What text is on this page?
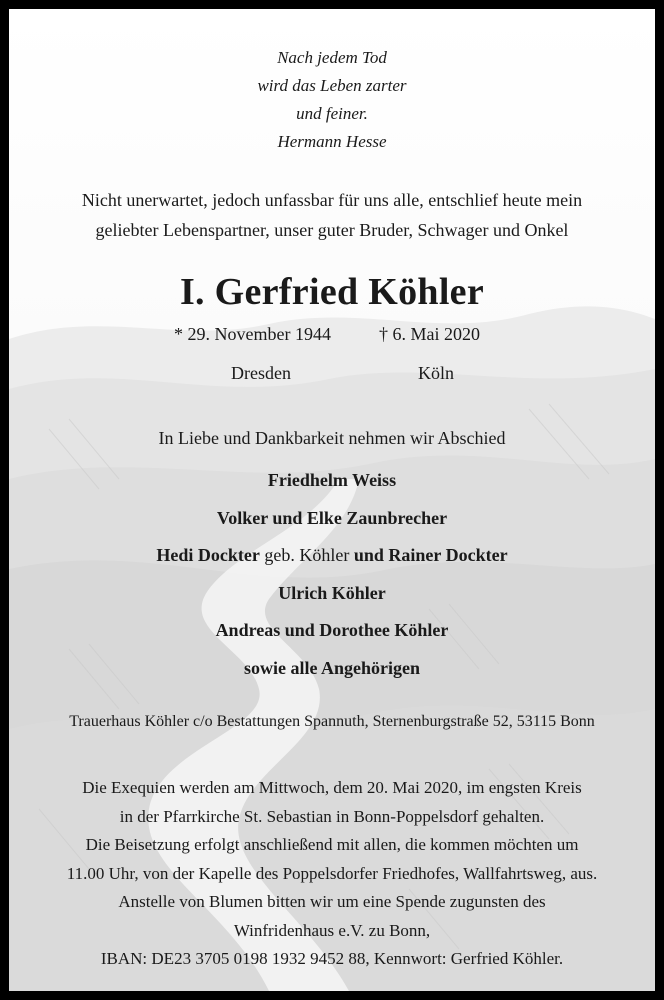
Nach jedem Tod
wird das Leben zarter
und feiner.
Hermann Hesse
Nicht unerwartet, jedoch unfassbar für uns alle, entschlief heute mein
geliebter Lebenspartner, unser guter Bruder, Schwager und Onkel
I. Gerfried Köhler
* 29. November 1944	† 6. Mai 2020
Dresden	Köln
In Liebe und Dankbarkeit nehmen wir Abschied
Friedhelm Weiss
Volker und Elke Zaunbrecher
Hedi Dockter geb. Köhler und Rainer Dockter
Ulrich Köhler
Andreas und Dorothee Köhler
sowie alle Angehörigen
Trauerhaus Köhler c/o Bestattungen Spannuth, Sternenburgstraße 52, 53115 Bonn
Die Exequien werden am Mittwoch, dem 20. Mai 2020, im engsten Kreis
in der Pfarrkirche St. Sebastian in Bonn-Poppelsdorf gehalten.
Die Beisetzung erfolgt anschließend mit allen, die kommen möchten um
11.00 Uhr, von der Kapelle des Poppelsdorfer Friedhofes, Wallfahrtsweg, aus.
Anstelle von Blumen bitten wir um eine Spende zugunsten des
Winfridenhaus e.V. zu Bonn,
IBAN: DE23 3705 0198 1932 9452 88, Kennwort: Gerfried Köhler.
